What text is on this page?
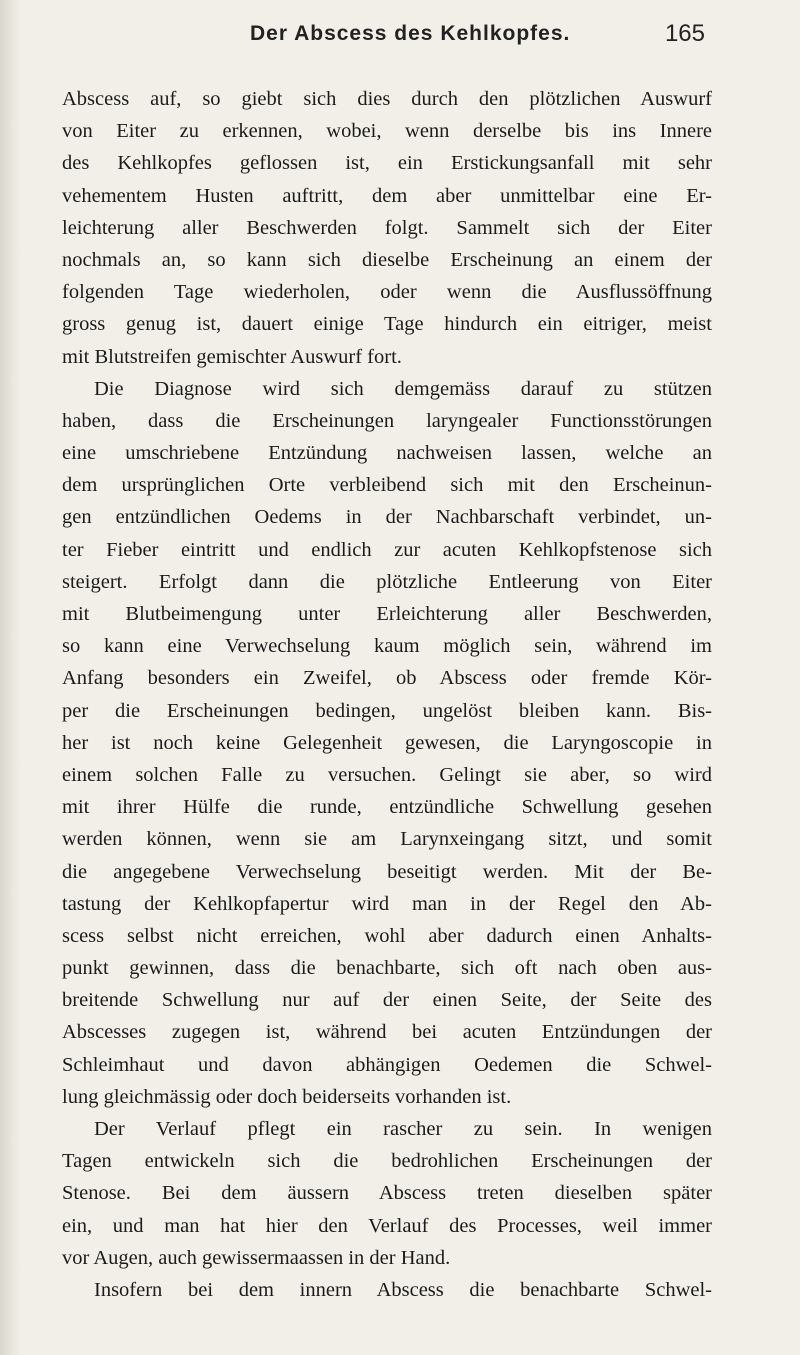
Der Abscess des Kehlkopfes.	165
Abscess auf, so giebt sich dies durch den plötzlichen Auswurf
von Eiter zu erkennen, wobei, wenn derselbe bis ins Innere
des Kehlkopfes geflossen ist, ein Erstickungsanfall mit sehr
vehementem Husten auftritt, dem aber unmittelbar eine Er-
leichterung aller Beschwerden folgt. Sammelt sich der Eiter
nochmals an, so kann sich dieselbe Erscheinung an einem der
folgenden Tage wiederholen, oder wenn die Ausflussöffnung
gross genug ist, dauert einige Tage hindurch ein eitriger, meist
mit Blutstreifen gemischter Auswurf fort.
Die Diagnose wird sich demgemäss darauf zu stützen
haben, dass die Erscheinungen laryngealer Functionsstörungen
eine umschriebene Entzündung nachweisen lassen, welche an
dem ursprünglichen Orte verbleibend sich mit den Erscheinun-
gen entzündlichen Oedems in der Nachbarschaft verbindet, un-
ter Fieber eintritt und endlich zur acuten Kehlkopfstenose sich
steigert. Erfolgt dann die plötzliche Entleerung von Eiter
mit Blutbeimengung unter Erleichterung aller Beschwerden,
so kann eine Verwechselung kaum möglich sein, während im
Anfang besonders ein Zweifel, ob Abscess oder fremde Kör-
per die Erscheinungen bedingen, ungelöst bleiben kann. Bis-
her ist noch keine Gelegenheit gewesen, die Laryngoscopie in
einem solchen Falle zu versuchen. Gelingt sie aber, so wird
mit ihrer Hülfe die runde, entzündliche Schwellung gesehen
werden können, wenn sie am Larynxeingang sitzt, und somit
die angegebene Verwechselung beseitigt werden. Mit der Be-
tastung der Kehlkopfapertur wird man in der Regel den Ab-
scess selbst nicht erreichen, wohl aber dadurch einen Anhalts-
punkt gewinnen, dass die benachbarte, sich oft nach oben aus-
breitende Schwellung nur auf der einen Seite, der Seite des
Abscesses zugegen ist, während bei acuten Entzündungen der
Schleimhaut und davon abhängigen Oedemen die Schwel-
lung gleichmässig oder doch beiderseits vorhanden ist.
Der Verlauf pflegt ein rascher zu sein. In wenigen
Tagen entwickeln sich die bedrohlichen Erscheinungen der
Stenose. Bei dem äussern Abscess treten dieselben später
ein, und man hat hier den Verlauf des Processes, weil immer
vor Augen, auch gewissermaassen in der Hand.
Insofern bei dem innern Abscess die benachbarte Schwel-
